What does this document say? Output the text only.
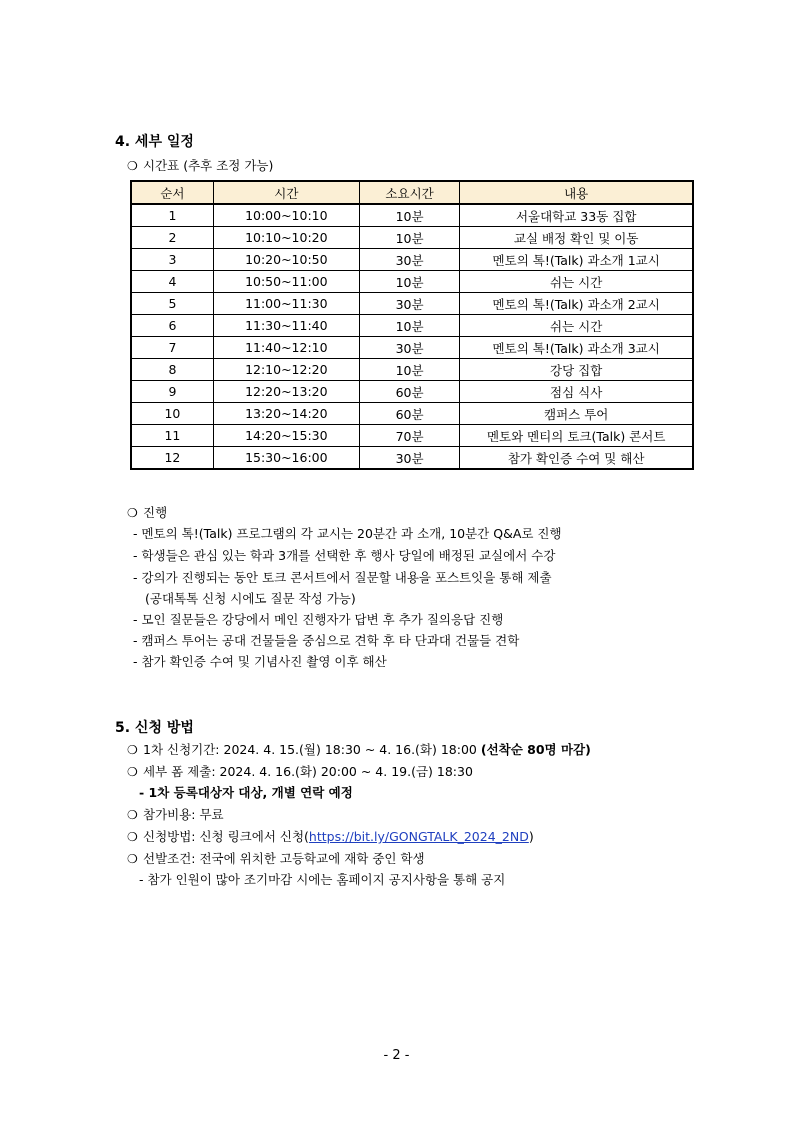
4. 세부 일정
❍ 시간표 (추후 조정 가능)
순서	시간	소요시간	내용
1	10:00~10:10	10분	서울대학교 33동 집합
2	10:10~10:20	10분	교실 배정 확인 및 이동
3	10:20~10:50	30분	멘토의 톡!(Talk) 과소개 1교시
4	10:50~11:00	10분	쉬는 시간
5	11:00~11:30	30분	멘토의 톡!(Talk) 과소개 2교시
6	11:30~11:40	10분	쉬는 시간
7	11:40~12:10	30분	멘토의 톡!(Talk) 과소개 3교시
8	12:10~12:20	10분	강당 집합
9	12:20~13:20	60분	점심 식사
10	13:20~14:20	60분	캠퍼스 투어
11	14:20~15:30	70분	멘토와 멘티의 토크(Talk) 콘서트
12	15:30~16:00	30분	참가 확인증 수여 및 해산
❍ 진행
- 멘토의 톡!(Talk) 프로그램의 각 교시는 20분간 과 소개, 10분간 Q&A로 진행
- 학생들은 관심 있는 학과 3개를 선택한 후 행사 당일에 배정된 교실에서 수강
- 강의가 진행되는 동안 토크 콘서트에서 질문할 내용을 포스트잇을 통해 제출
(공대톡톡 신청 시에도 질문 작성 가능)
- 모인 질문들은 강당에서 메인 진행자가 답변 후 추가 질의응답 진행
- 캠퍼스 투어는 공대 건물들을 중심으로 견학 후 타 단과대 건물들 견학
- 참가 확인증 수여 및 기념사진 촬영 이후 해산
5. 신청 방법
❍ 1차 신청기간: 2024. 4. 15.(월) 18:30 ~ 4. 16.(화) 18:00 (선착순 80명 마감)
❍ 세부 폼 제출: 2024. 4. 16.(화) 20:00 ~ 4. 19.(금) 18:30
- 1차 등록대상자 대상, 개별 연락 예정
❍ 참가비용: 무료
❍ 신청방법: 신청 링크에서 신청(https://bit.ly/GONGTALK_2024_2ND)
❍ 선발조건: 전국에 위치한 고등학교에 재학 중인 학생
- 참가 인원이 많아 조기마감 시에는 홈페이지 공지사항을 통해 공지
- 2 -
